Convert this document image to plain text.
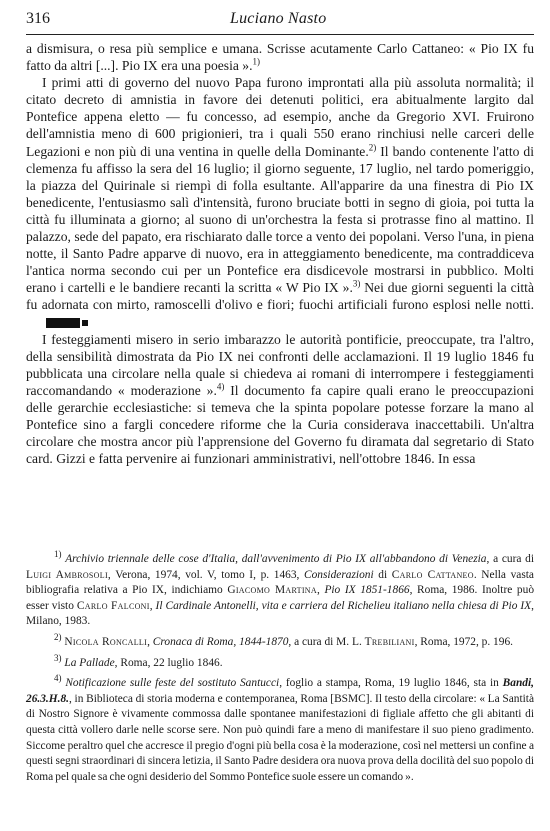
316	Luciano Nasto

a dismisura, o resa più semplice e umana. Scrisse acutamente Carlo Cattaneo: « Pio IX fu fatto da altri [...]. Pio IX era una poesia ».$^{1)}$

I primi atti di governo del nuovo Papa furono improntati alla più assoluta normalità; il citato decreto di amnistia in favore dei detenuti politici, era abitualmente largito dal Pontefice appena eletto — fu concesso, ad esempio, anche da Gregorio XVI. Fruirono dell'amnistia meno di 600 prigionieri, tra i quali 550 erano rinchiusi nelle carceri delle Legazioni e non più di una ventina in quelle della Dominante.$^{2)}$ Il bando contenente l'atto di clemenza fu affisso la sera del 16 luglio; il giorno seguente, 17 luglio, nel tardo pomeriggio, la piazza del Quirinale si riempì di folla esultante. All'apparire da una finestra di Pio IX benedicente, l'entusiasmo salì d'intensità, furono bruciate botti in segno di gioia, poi tutta la città fu illuminata a giorno; al suono di un'orchestra la festa si protrasse fino al mattino. Il palazzo, sede del papato, era rischiarato dalle torce a vento dei popolani. Verso l'una, in piena notte, il Santo Padre apparve di nuovo, era in atteggiamento benedicente, ma contraddiceva l'antica norma secondo cui per un Pontefice era disdicevole mostrarsi in pubblico. Molti erano i cartelli e le bandiere recanti la scritta « W Pio IX ».$^{3)}$ Nei due giorni seguenti la città fu adornata con mirto, ramoscelli d'olivo e fiori; fuochi artificiali furono esplosi nelle notti.

I festeggiamenti misero in serio imbarazzo le autorità pontificie, preoccupate, tra l'altro, della sensibilità dimostrata da Pio IX nei confronti delle acclamazioni. Il 19 luglio 1846 fu pubblicata una circolare nella quale si chiedeva ai romani di interrompere i festeggiamenti raccomandando « moderazione ».$^{4)}$ Il documento fa capire quali erano le preoccupazioni delle gerarchie ecclesiastiche: si temeva che la spinta popolare potesse forzare la mano al Pontefice sino a fargli concedere riforme che la Curia considerava inaccettabili. Un'altra circolare che mostra ancor più l'apprensione del Governo fu diramata dal segretario di Stato card. Gizzi e fatta pervenire ai funzionari amministrativi, nell'ottobre 1846. In essa

$^{1)}$ Archivio triennale delle cose d'Italia, dall'avvenimento di Pio IX all'abbandono di Venezia, a cura di Luigi Ambrosoli, Verona, 1974, vol. V, tomo I, p. 1463, Considerazioni di Carlo Cattaneo. Nella vasta bibliografia relativa a Pio IX, indichiamo Giacomo Martina, Pio IX 1851-1866, Roma, 1986. Inoltre può esser visto Carlo Falconi, Il Cardinale Antonelli, vita e carriera del Richelieu italiano nella chiesa di Pio IX, Milano, 1983.

$^{2)}$ Nicola Roncalli, Cronaca di Roma, 1844-1870, a cura di M. L. Trebiliani, Roma, 1972, p. 196.

$^{3)}$ La Pallade, Roma, 22 luglio 1846.

$^{4)}$ Notificazione sulle feste del sostituto Santucci, foglio a stampa, Roma, 19 luglio 1846, sta in Bandi, 26.3.H.8., in Biblioteca di storia moderna e contemporanea, Roma [BSMC]. Il testo della circolare: « La Santità di Nostro Signore è vivamente commossa dalle spontanee manifestazioni di figliale affetto che gli abitanti di questa città vollero darle nelle scorse sere. Non può quindi fare a meno di manifestare il suo pieno gradimento. Siccome peraltro quel che accresce il pregio d'ogni più bella cosa è la moderazione, così nel mettersi un confine a questi segni straordinari di sincera letizia, il Santo Padre desidera ora nuova prova della docilità del suo popolo di Roma pel quale sa che ogni desiderio del Sommo Pontefice suole essere un comando ».
